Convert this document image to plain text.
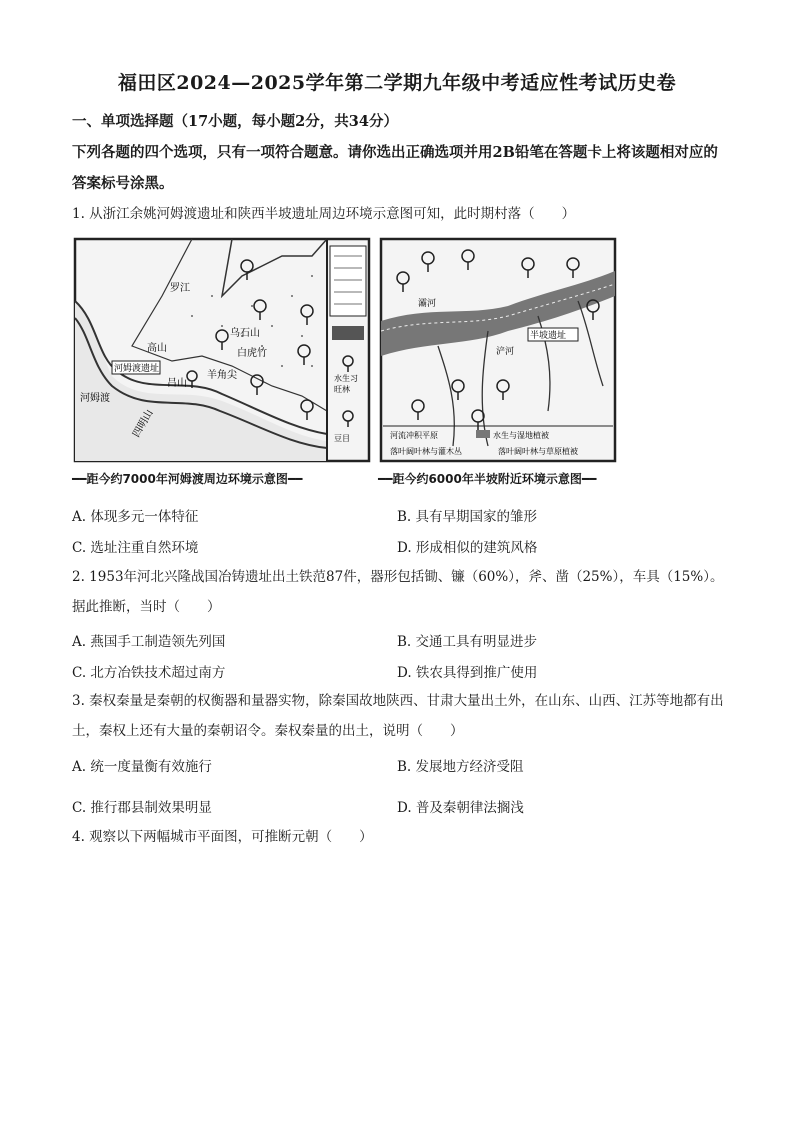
福田区2024—2025学年第二学期九年级中考适应性考试历史卷
一、单项选择题（17小题，每小题2分，共34分）
下列各题的四个选项，只有一项符合题意。请你选出正确选项并用2B铅笔在答题卡上将该题相对应的答案标号涂黑。
1. 从浙江余姚河姆渡遗址和陕西半坡遗址周边环境示意图可知，此时期村落（　　）
罗江
河姆渡遗址
河姆渡
高山
吕山
乌石山
白虎竹
羊角尖
四明山
水生习
旺林
豆目
半坡遗址
灞河
浐河
河流冲积平原	水生与湿地植被
落叶阔叶林与灌木丛	落叶阔叶林与草原植被
━━距今约7000年河姆渡周边环境示意图━━	━━距今约6000年半坡附近环境示意图━━
A. 体现多元一体特征	B. 具有早期国家的雏形
C. 选址注重自然环境	D. 形成相似的建筑风格
2. 1953年河北兴隆战国冶铸遗址出土铁范87件，器形包括锄、镰（60%），斧、凿（25%），车具（15%）。据此推断，当时（　　）
A. 燕国手工制造领先列国	B. 交通工具有明显进步
C. 北方冶铁技术超过南方	D. 铁农具得到推广使用
3. 秦权秦量是秦朝的权衡器和量器实物，除秦国故地陕西、甘肃大量出土外，在山东、山西、江苏等地都有出土，秦权上还有大量的秦朝诏令。秦权秦量的出土，说明（　　）
A. 统一度量衡有效施行	B. 发展地方经济受阻
C. 推行郡县制效果明显	D. 普及秦朝律法搁浅
4. 观察以下两幅城市平面图，可推断元朝（　　）
